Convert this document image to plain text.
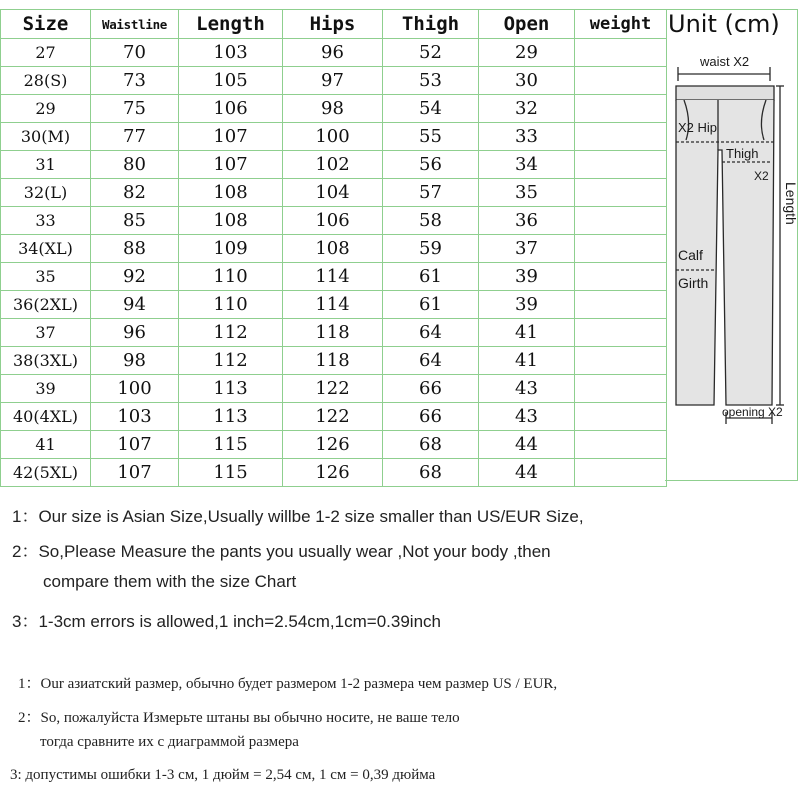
Size	Waistline	Length	Hips	Thigh	Open	weight
27	70	103	96	52	29	
28(S)	73	105	97	53	30	
29	75	106	98	54	32	
30(M)	77	107	100	55	33	
31	80	107	102	56	34	
32(L)	82	108	104	57	35	
33	85	108	106	58	36	
34(XL)	88	109	108	59	37	
35	92	110	114	61	39	
36(2XL)	94	110	114	61	39	
37	96	112	118	64	41	
38(3XL)	98	112	118	64	41	
39	100	113	122	66	43	
40(4XL)	103	113	122	66	43	
41	107	115	126	68	44	
42(5XL)	107	115	126	68	44	
Unit (cm)
waist X2
X2 Hip
Thigh
X2
Calf
Girth
opening X2
Length
1：Our size is Asian Size,Usually willbe 1-2 size smaller than US/EUR Size,
2：So,Please Measure the pants you usually wear ,Not your body ,then
compare them with the size Chart
3：1-3cm errors is allowed,1 inch=2.54cm,1cm=0.39inch
1：Our азиатский размер, обычно будет размером 1-2 размера чем размер US / EUR,
2：So, пожалуйста Измерьте штаны вы обычно носите, не ваше тело
тогда сравните их с диаграммой размера
3: допустимы ошибки 1-3 см, 1 дюйм = 2,54 см, 1 см = 0,39 дюйма
